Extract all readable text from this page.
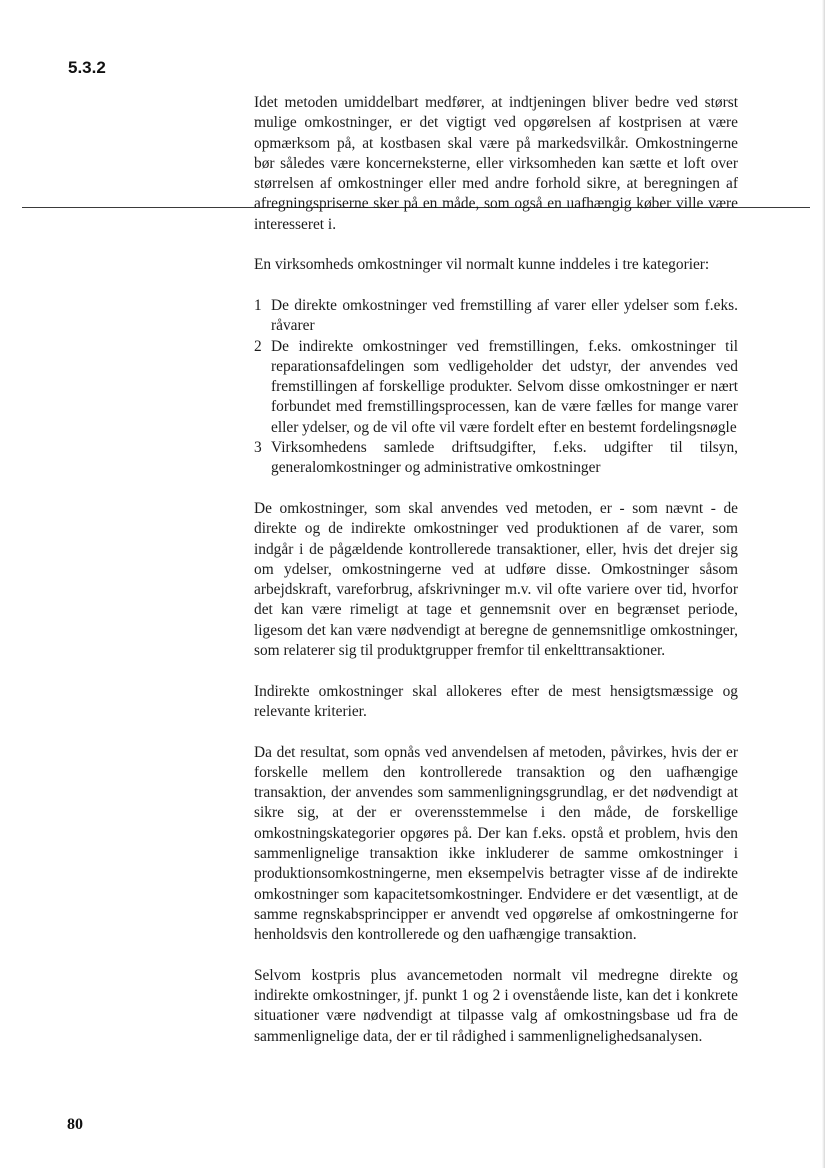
5.3.2

Idet metoden umiddelbart medfører, at indtjeningen bliver bedre ved størst mulige omkostninger, er det vigtigt ved opgørelsen af kostprisen at være opmærksom på, at kostbasen skal være på markedsvilkår. Omkostningerne bør således være koncerneksterne, eller virksomheden kan sætte et loft over størrelsen af omkostninger eller med andre forhold sikre, at beregningen af afregningspriserne sker på en måde, som også en uafhængig køber ville være interesseret i.

En virksomheds omkostninger vil normalt kunne inddeles i tre kategorier:

1 De direkte omkostninger ved fremstilling af varer eller ydelser som f.eks. råvarer
2 De indirekte omkostninger ved fremstillingen, f.eks. omkostninger til reparationsafdelingen som vedligeholder det udstyr, der anvendes ved fremstillingen af forskellige produkter. Selvom disse omkostninger er nært forbundet med fremstillingsprocessen, kan de være fælles for mange varer eller ydelser, og de vil ofte vil være fordelt efter en bestemt fordelingsnøgle
3 Virksomhedens samlede driftsudgifter, f.eks. udgifter til tilsyn, generalomkostninger og administrative omkostninger

De omkostninger, som skal anvendes ved metoden, er - som nævnt - de direkte og de indirekte omkostninger ved produktionen af de varer, som indgår i de pågældende kontrollerede transaktioner, eller, hvis det drejer sig om ydelser, omkostningerne ved at udføre disse. Omkostninger såsom arbejdskraft, vareforbrug, afskrivninger m.v. vil ofte variere over tid, hvorfor det kan være rimeligt at tage et gennemsnit over en begrænset periode, ligesom det kan være nødvendigt at beregne de gennemsnitlige omkostninger, som relaterer sig til produktgrupper fremfor til enkelttransaktioner.

Indirekte omkostninger skal allokeres efter de mest hensigtsmæssige og relevante kriterier.

Da det resultat, som opnås ved anvendelsen af metoden, påvirkes, hvis der er forskelle mellem den kontrollerede transaktion og den uafhængige transaktion, der anvendes som sammenligningsgrundlag, er det nødvendigt at sikre sig, at der er overensstemmelse i den måde, de forskellige omkostningskategorier opgøres på. Der kan f.eks. opstå et problem, hvis den sammenlignelige transaktion ikke inkluderer de samme omkostninger i produktionsomkostningerne, men eksempelvis betragter visse af de indirekte omkostninger som kapacitetsomkostninger. Endvidere er det væsentligt, at de samme regnskabsprincipper er anvendt ved opgørelse af omkostningerne for henholdsvis den kontrollerede og den uafhængige transaktion.

Selvom kostpris plus avancemetoden normalt vil medregne direkte og indirekte omkostninger, jf. punkt 1 og 2 i ovenstående liste, kan det i konkrete situationer være nødvendigt at tilpasse valg af omkostningsbase ud fra de sammenlignelige data, der er til rådighed i sammenlignelighedsanalysen.

80
